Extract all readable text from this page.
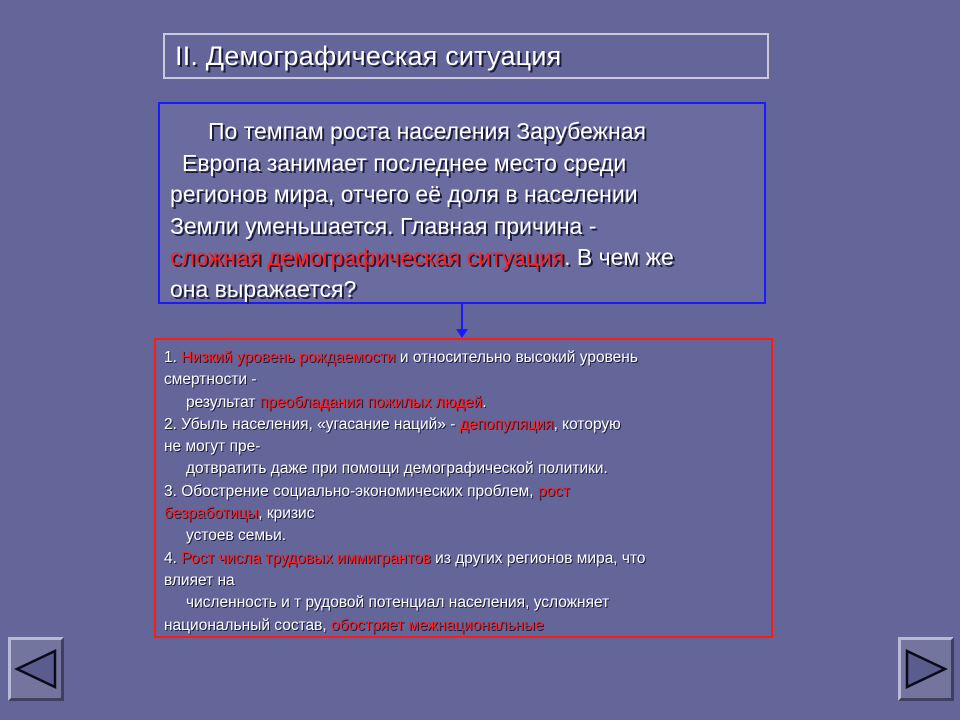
II. Демографическая ситуация
По темпам роста населения Зарубежная
Европа занимает последнее место среди
регионов мира, отчего её доля в населении
Земли уменьшается. Главная причина -
сложная демографическая ситуация. В чем же
она выражается?
1. Низкий уровень рождаемости и относительно высокий уровень
смертности -
результат преобладания пожилых людей.
2. Убыль населения, «угасание наций» - депопуляция, которую
не могут пре-
дотвратить даже при помощи демографической политики.
3. Обострение социально-экономических проблем, рост
безработицы, кризис
устоев семьи.
4. Рост числа трудовых иммигрантов из других регионов мира, что
влияет на
численность и т рудовой потенциал населения, усложняет
национальный состав, обостряет межнациональные
